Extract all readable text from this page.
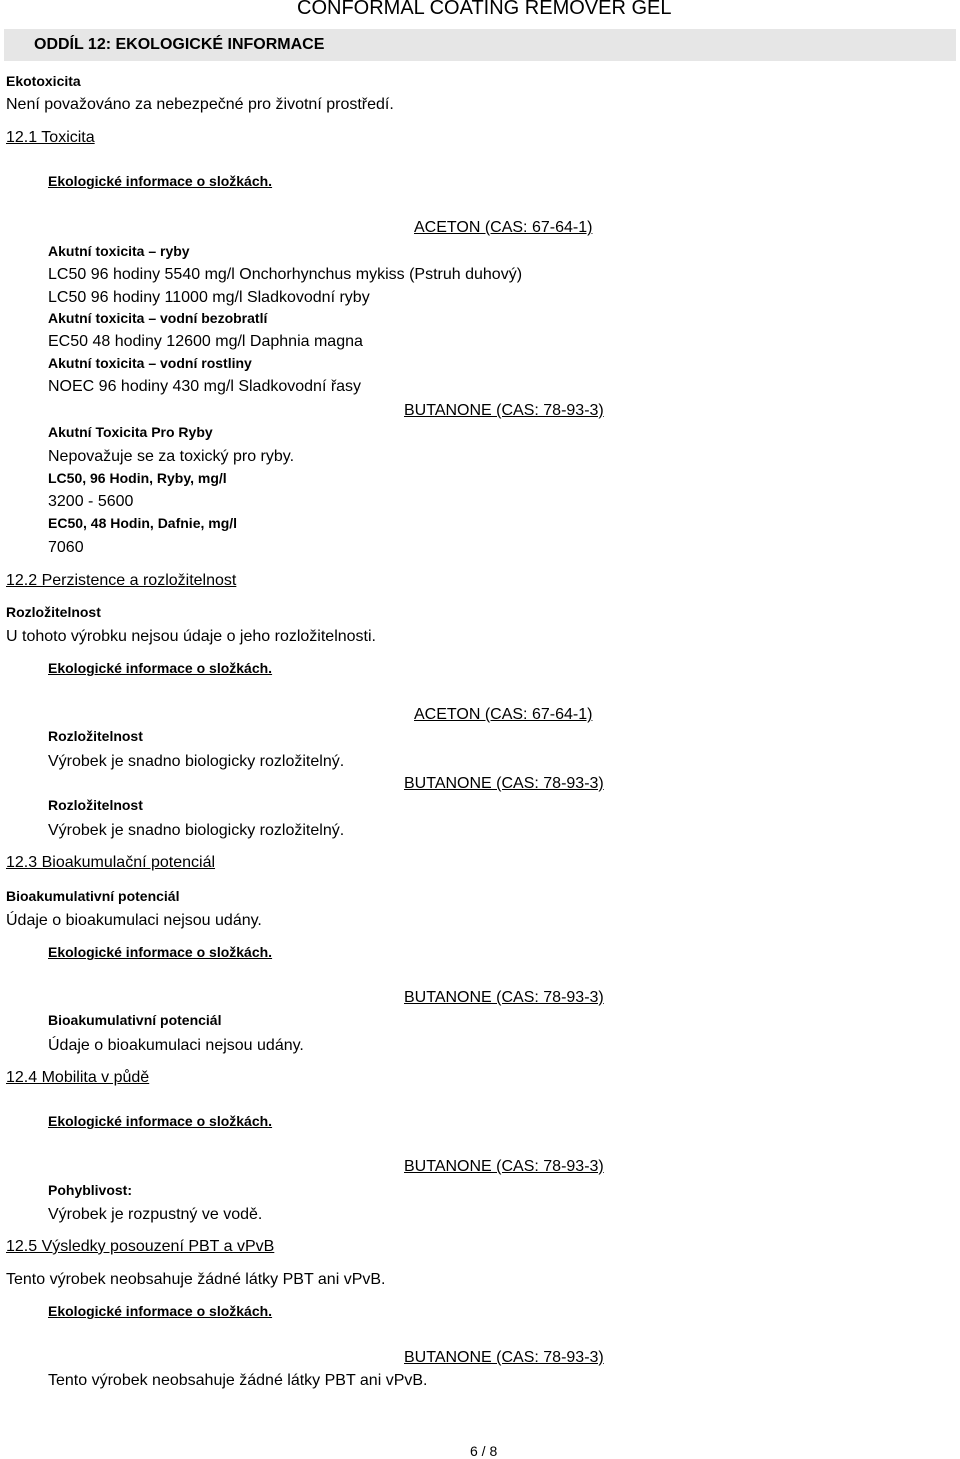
CONFORMAL COATING REMOVER GEL
ODDÍL 12: EKOLOGICKÉ INFORMACE
Ekotoxicita
Není považováno za nebezpečné pro životní prostředí.
12.1 Toxicita
Ekologické informace o složkách.
ACETON (CAS: 67-64-1)
Akutní toxicita – ryby
LC50 96 hodiny 5540 mg/l Onchorhynchus mykiss (Pstruh duhový)
LC50 96 hodiny 11000 mg/l Sladkovodní ryby
Akutní toxicita – vodní bezobratlí
EC50 48 hodiny 12600 mg/l Daphnia magna
Akutní toxicita – vodní rostliny
NOEC 96 hodiny 430 mg/l Sladkovodní řasy
BUTANONE (CAS: 78-93-3)
Akutní Toxicita Pro Ryby
Nepovažuje se za toxický pro ryby.
LC50, 96 Hodin, Ryby, mg/l
3200 - 5600
EC50, 48 Hodin, Dafnie, mg/l
7060
12.2 Perzistence a rozložitelnost
Rozložitelnost
U tohoto výrobku nejsou údaje o jeho rozložitelnosti.
Ekologické informace o složkách.
ACETON (CAS: 67-64-1)
Rozložitelnost
Výrobek je snadno biologicky rozložitelný.
BUTANONE (CAS: 78-93-3)
Rozložitelnost
Výrobek je snadno biologicky rozložitelný.
12.3 Bioakumulační potenciál
Bioakumulativní potenciál
Údaje o bioakumulaci nejsou udány.
Ekologické informace o složkách.
BUTANONE (CAS: 78-93-3)
Bioakumulativní potenciál
Údaje o bioakumulaci nejsou udány.
12.4 Mobilita v půdě
Ekologické informace o složkách.
BUTANONE (CAS: 78-93-3)
Pohyblivost:
Výrobek je rozpustný ve vodě.
12.5 Výsledky posouzení PBT a vPvB
Tento výrobek neobsahuje žádné látky PBT ani vPvB.
Ekologické informace o složkách.
BUTANONE (CAS: 78-93-3)
Tento výrobek neobsahuje žádné látky PBT ani vPvB.
6 / 8
